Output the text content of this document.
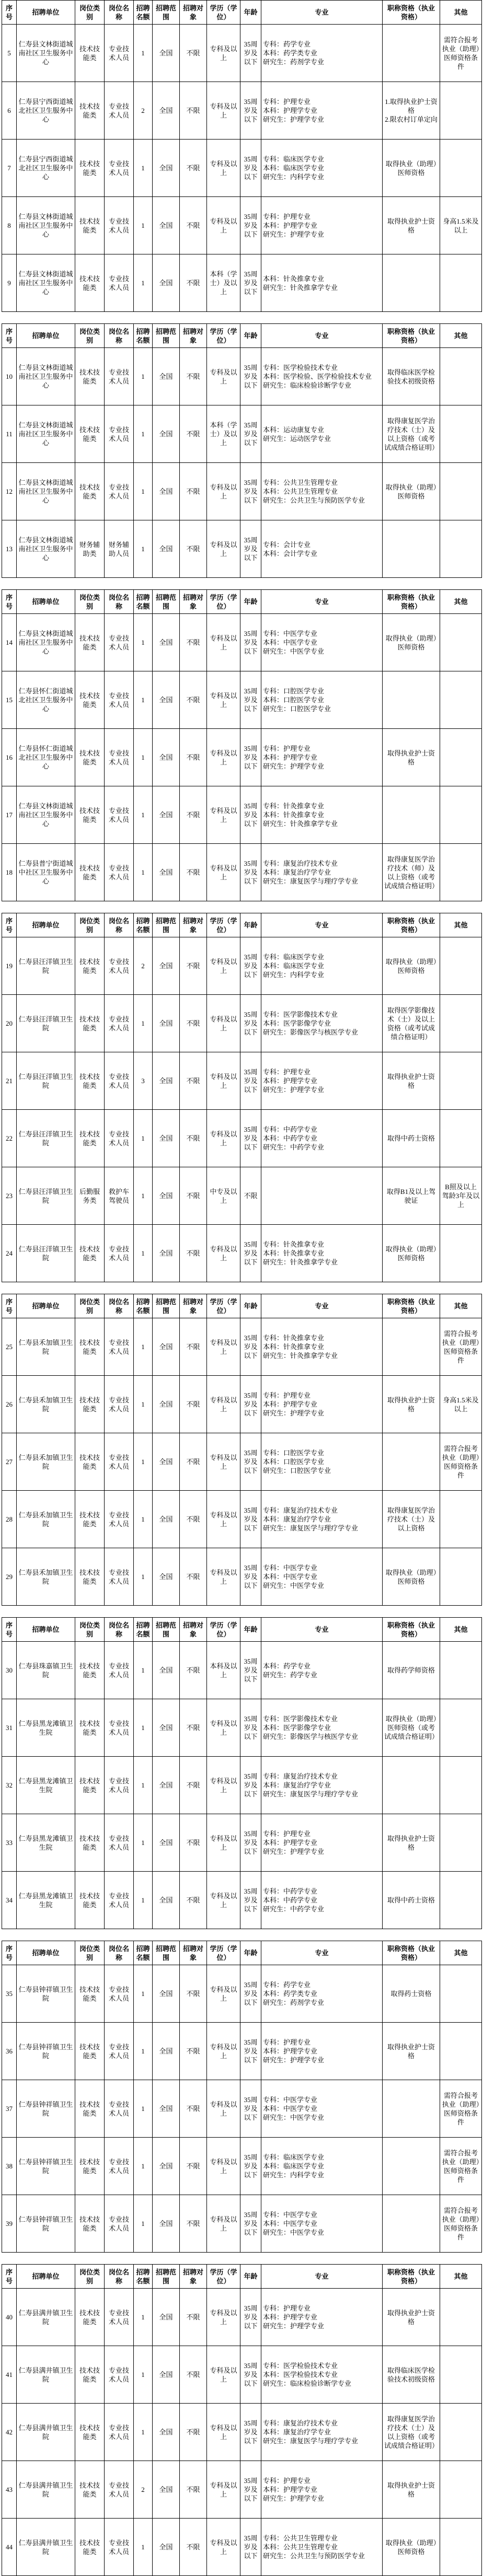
序号	招聘单位	岗位类别	岗位名称	招聘名额	招聘范围	招聘对象	学历（学位）	年龄	专业	职称资格（执业资格）	其他
5	仁寿县文林街道城南社区卫生服务中心	技术技能类	专业技术人员	1	全国	不限	专科及以上	35周岁及以下	专科：药学专业
本科：药学类专业
研究生：药剂学专业		需符合报考执业（助理）医师资格条件
6	仁寿县宁西街道城北社区卫生服务中心	技术技能类	专业技术人员	2	全国	不限	专科及以上	35周岁及以下	专科：护理专业
本科：护理学专业
研究生：护理学专业	1.取得执业护士资格
2.限农村订单定向	
7	仁寿县宁西街道城北社区卫生服务中心	技术技能类	专业技术人员	1	全国	不限	专科及以上	35周岁及以下	专科：临床医学专业
本科：临床医学专业
研究生：内科学专业	取得执业（助理）医师资格	
8	仁寿县文林街道城南社区卫生服务中心	技术技能类	专业技术人员	1	全国	不限	专科及以上	35周岁及以下	专科：护理专业
本科：护理学专业
研究生：护理学专业	取得执业护士资格	身高1.5米及以上
9	仁寿县文林街道城南社区卫生服务中心	技术技能类	专业技术人员	1	全国	不限	本科（学士）及以上	35周岁及以下	本科：针灸推拿专业
研究生：针灸推拿学专业		

序号	招聘单位	岗位类别	岗位名称	招聘名额	招聘范围	招聘对象	学历（学位）	年龄	专业	职称资格（执业资格）	其他
10	仁寿县文林街道城南社区卫生服务中心	技术技能类	专业技术人员	1	全国	不限	专科及以上	35周岁及以下	专科：医学检验技术专业
本科：医学检验、医学检验技术专业
研究生：临床检验诊断学专业	取得临床医学检验技术初级资格	
11	仁寿县文林街道城南社区卫生服务中心	技术技能类	专业技术人员	1	全国	不限	本科（学士）及以上	35周岁及以下	本科：运动康复专业
研究生：运动医学专业	取得康复医学治疗技术（士）及以上资格（或考试成绩合格证明）	
12	仁寿县文林街道城南社区卫生服务中心	技术技能类	专业技术人员	1	全国	不限	专科及以上	35周岁及以下	专科：公共卫生管理专业
本科：公共卫生管理专业
研究生：公共卫生与预防医学专业	取得执业（助理）医师资格	
13	仁寿县文林街道城南社区卫生服务中心	财务辅助类	财务辅助人员	1	全国	不限	专科及以上	35周岁及以下	专科：会计专业
本科：会计学专业		

序号	招聘单位	岗位类别	岗位名称	招聘名额	招聘范围	招聘对象	学历（学位）	年龄	专业	职称资格（执业资格）	其他
14	仁寿县文林街道城南社区卫生服务中心	技术技能类	专业技术人员	1	全国	不限	专科及以上	35周岁及以下	专科：中医学专业
本科：中医学专业
研究生：中医学专业	取得执业（助理）医师资格	
15	仁寿县怀仁街道城北社区卫生服务中心	技术技能类	专业技术人员	1	全国	不限	专科及以上	35周岁及以下	专科：口腔医学专业
本科：口腔医学专业
研究生：口腔医学专业		
16	仁寿县怀仁街道城北社区卫生服务中心	技术技能类	专业技术人员	1	全国	不限	专科及以上	35周岁及以下	专科：护理专业
本科：护理学专业
研究生：护理学专业	取得执业护士资格	
17	仁寿县文林街道城南社区卫生服务中心	技术技能类	专业技术人员	1	全国	不限	专科及以上	35周岁及以下	专科：针灸推拿专业
本科：针灸推拿专业
研究生：针灸推拿学专业		
18	仁寿县普宁街道城中社区卫生服务中心	技术技能类	专业技术人员	1	全国	不限	专科及以上	35周岁及以下	专科：康复治疗技术专业
本科：康复治疗学专业
研究生：康复医学与理疗学专业	取得康复医学治疗技术（师）及以上资格（或考试成绩合格证明）	

序号	招聘单位	岗位类别	岗位名称	招聘名额	招聘范围	招聘对象	学历（学位）	年龄	专业	职称资格（执业资格）	其他
19	仁寿县汪洋镇卫生院	技术技能类	专业技术人员	2	全国	不限	专科及以上	35周岁及以下	专科：临床医学专业
本科：临床医学专业
研究生：内科学专业	取得执业（助理）医师资格	
20	仁寿县汪洋镇卫生院	技术技能类	专业技术人员	1	全国	不限	专科及以上	35周岁及以下	专科：医学影像技术专业
本科：医学影像学专业
研究生：影像医学与核医学专业	取得医学影像技术（士）及以上资格（或考试成绩合格证明）	
21	仁寿县汪洋镇卫生院	技术技能类	专业技术人员	3	全国	不限	专科及以上	35周岁及以下	专科：护理专业
本科：护理学专业
研究生：护理学专业	取得执业护士资格	
22	仁寿县汪洋镇卫生院	技术技能类	专业技术人员	1	全国	不限	专科及以上	35周岁及以下	专科：中药学专业
本科：中药学专业
研究生：中药学专业	取得中药士资格	
23	仁寿县汪洋镇卫生院	后勤服务类	救护车驾驶员	1	全国	不限	中专及以上	不限		取得B1及以上驾驶证	B照及以上驾龄3年及以上
24	仁寿县汪洋镇卫生院	技术技能类	专业技术人员	1	全国	不限	专科及以上	35周岁及以下	专科：针灸推拿专业
本科：针灸推拿专业
研究生：针灸推拿学专业	取得执业（助理）医师资格	

序号	招聘单位	岗位类别	岗位名称	招聘名额	招聘范围	招聘对象	学历（学位）	年龄	专业	职称资格（执业资格）	其他
25	仁寿县禾加镇卫生院	技术技能类	专业技术人员	1	全国	不限	专科及以上	35周岁及以下	专科：针灸推拿专业
本科：针灸推拿专业
研究生：针灸推拿学专业		需符合报考执业（助理）医师资格条件
26	仁寿县禾加镇卫生院	技术技能类	专业技术人员	1	全国	不限	专科及以上	35周岁及以下	专科：护理专业
本科：护理学专业
研究生：护理学专业	取得执业护士资格	身高1.5米及以上
27	仁寿县禾加镇卫生院	技术技能类	专业技术人员	1	全国	不限	专科及以上	35周岁及以下	专科：口腔医学专业
本科：口腔医学专业
研究生：口腔医学专业		需符合报考执业（助理）医师资格条件
28	仁寿县禾加镇卫生院	技术技能类	专业技术人员	1	全国	不限	专科及以上	35周岁及以下	专科：康复治疗技术专业
本科：康复治疗学专业
研究生：康复医学与理疗学专业	取得康复医学治疗技术（士）及以上资格	
29	仁寿县禾加镇卫生院	技术技能类	专业技术人员	1	全国	不限	专科及以上	35周岁及以下	专科：中医学专业
本科：中医学专业
研究生：中医学专业	取得执业（助理）医师资格	

序号	招聘单位	岗位类别	岗位名称	招聘名额	招聘范围	招聘对象	学历（学位）	年龄	专业	职称资格（执业资格）	其他
30	仁寿县珠嘉镇卫生院	技术技能类	专业技术人员	1	全国	不限	本科及以上	35周岁及以下	本科：药学专业
研究生：药学专业	取得药学师资格	
31	仁寿县黑龙滩镇卫生院	技术技能类	专业技术人员	1	全国	不限	专科及以上	35周岁及以下	专科：医学影像技术专业
本科：医学影像学专业
研究生：影像医学与核医学专业	取得执业（助理）医师资格（或考试成绩合格证明）	
32	仁寿县黑龙滩镇卫生院	技术技能类	专业技术人员	1	全国	不限	专科及以上	35周岁及以下	专科：康复治疗技术专业
本科：康复治疗学专业
研究生：康复医学与理疗学专业		
33	仁寿县黑龙滩镇卫生院	技术技能类	专业技术人员	1	全国	不限	专科及以上	35周岁及以下	专科：护理专业
本科：护理学专业
研究生：护理学专业	取得执业护士资格	
34	仁寿县黑龙滩镇卫生院	技术技能类	专业技术人员	1	全国	不限	专科及以上	35周岁及以下	专科：中药学专业
本科：中药学专业
研究生：中药学专业	取得中药士资格	

序号	招聘单位	岗位类别	岗位名称	招聘名额	招聘范围	招聘对象	学历（学位）	年龄	专业	职称资格（执业资格）	其他
35	仁寿县钟祥镇卫生院	技术技能类	专业技术人员	1	全国	不限	专科及以上	35周岁及以下	专科：药学专业
本科：药学类专业
研究生：药剂学专业	取得药士资格	
36	仁寿县钟祥镇卫生院	技术技能类	专业技术人员	1	全国	不限	专科及以上	35周岁及以下	专科：护理专业
本科：护理学专业
研究生：护理学专业	取得执业护士资格	
37	仁寿县钟祥镇卫生院	技术技能类	专业技术人员	1	全国	不限	专科及以上	35周岁及以下	专科：中医学专业
本科：中医学专业
研究生：中医学专业		需符合报考执业（助理）医师资格条件
38	仁寿县钟祥镇卫生院	技术技能类	专业技术人员	1	全国	不限	专科及以上	35周岁及以下	专科：临床医学专业
本科：临床医学专业
研究生：内科学专业		需符合报考执业（助理）医师资格条件
39	仁寿县钟祥镇卫生院	技术技能类	专业技术人员	1	全国	不限	专科及以上	35周岁及以下	专科：中医学专业
本科：中医学专业
研究生：中医学专业		需符合报考执业（助理）医师资格条件

序号	招聘单位	岗位类别	岗位名称	招聘名额	招聘范围	招聘对象	学历（学位）	年龄	专业	职称资格（执业资格）	其他
40	仁寿县满井镇卫生院	技术技能类	专业技术人员	1	全国	不限	专科及以上	35周岁及以下	专科：护理专业
本科：护理学专业
研究生：护理学专业	取得执业护士资格	
41	仁寿县满井镇卫生院	技术技能类	专业技术人员	1	全国	不限	专科及以上	35周岁及以下	专科：医学检验技术专业
本科：医学检验技术专业
研究生：临床检验诊断学专业	取得临床医学检验技术初级资格	
42	仁寿县满井镇卫生院	技术技能类	专业技术人员	1	全国	不限	专科及以上	35周岁及以下	专科：康复治疗技术专业
本科：康复治疗学专业
研究生：康复医学与理疗学专业	取得康复医学治疗技术（士）及以上资格（或考试成绩合格证明）	
43	仁寿县满井镇卫生院	技术技能类	专业技术人员	2	全国	不限	专科及以上	35周岁及以下	专科：护理专业
本科：护理学专业
研究生：护理学专业	取得执业护士资格	
44	仁寿县满井镇卫生院	技术技能类	专业技术人员	1	全国	不限	专科及以上	35周岁及以下	专科：公共卫生管理专业
本科：公共卫生管理专业
研究生：公共卫生与预防医学专业	取得执业（助理）医师资格	
